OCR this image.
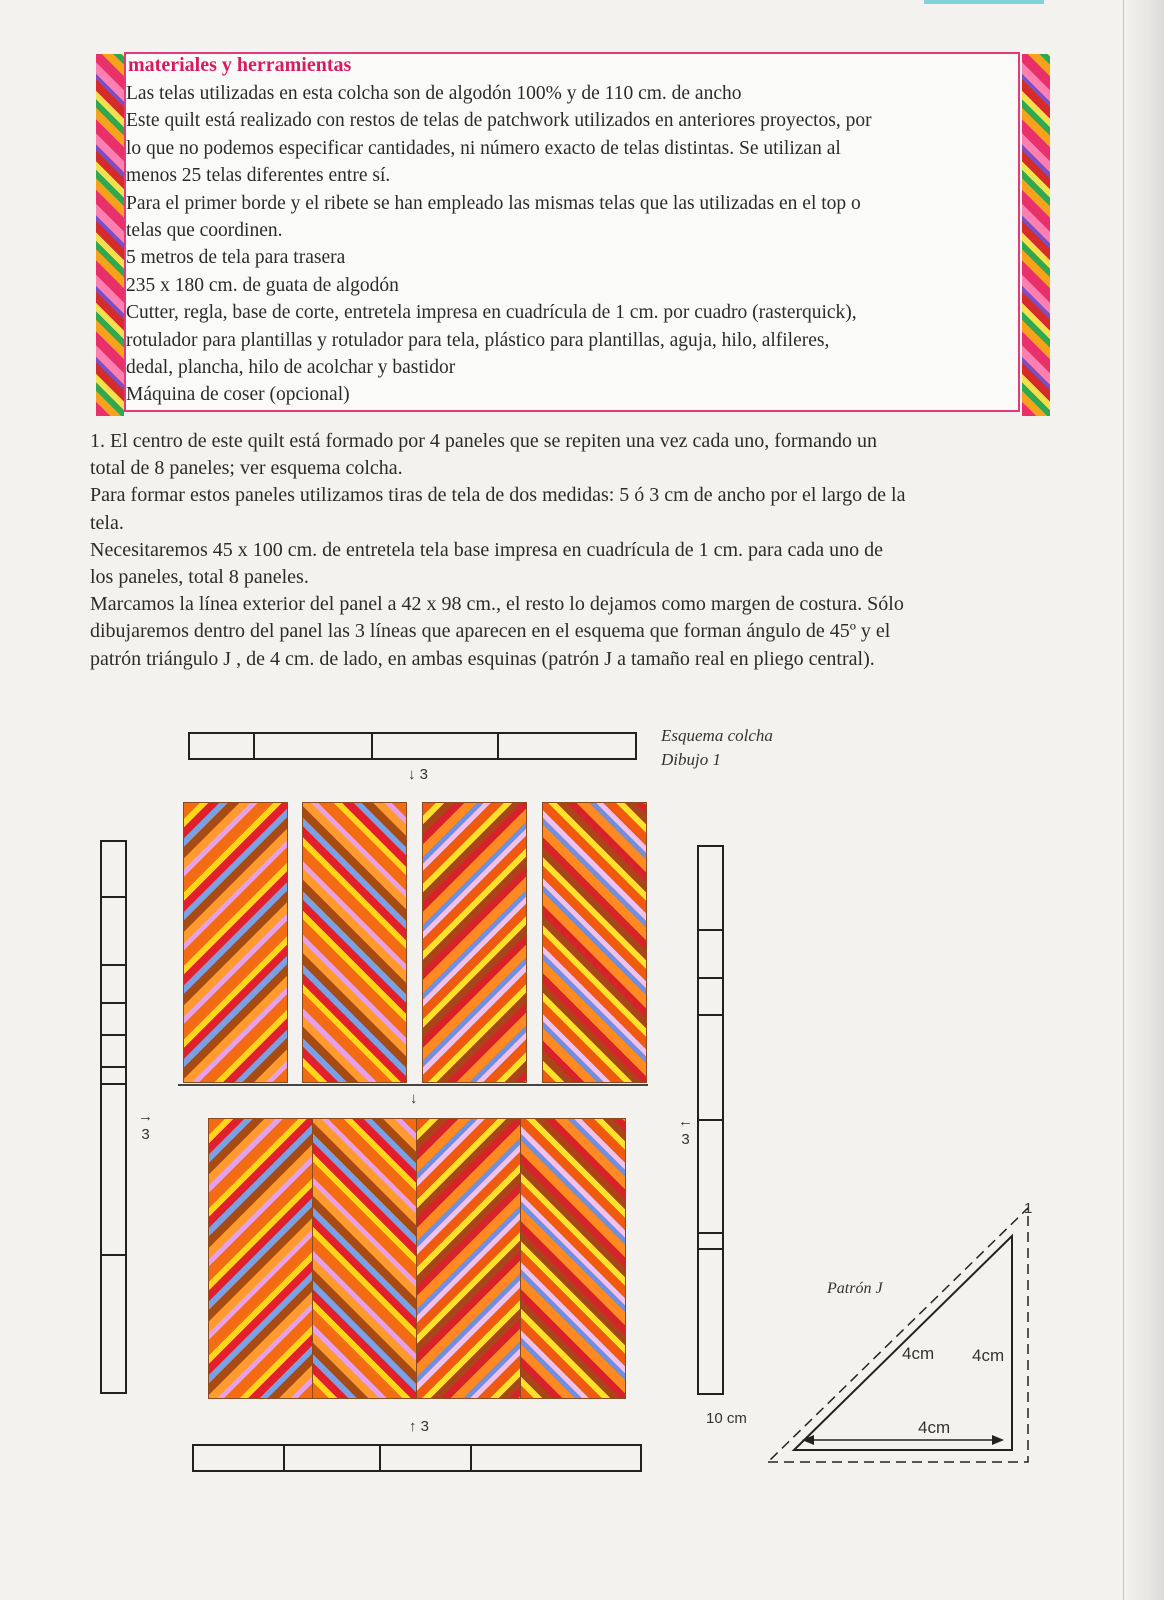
materiales y herramientas
Las telas utilizadas en esta colcha son de algodón 100% y de 110 cm. de ancho
Este quilt está realizado con restos de telas de patchwork utilizados en anteriores proyectos, por
lo que no podemos especificar cantidades, ni número exacto de telas distintas. Se utilizan al
menos 25 telas diferentes entre sí.
Para el primer borde y el ribete se han empleado las mismas telas que las utilizadas en el top o
telas que coordinen.
5 metros de tela para trasera
235 x 180 cm. de guata de algodón
Cutter, regla, base de corte, entretela impresa en cuadrícula de 1 cm. por cuadro (rasterquick),
rotulador para plantillas y rotulador para tela, plástico para plantillas, aguja, hilo, alfileres,
dedal, plancha, hilo de acolchar y bastidor
Máquina de coser (opcional)
1. El centro de este quilt está formado por 4 paneles que se repiten una vez cada uno, formando un
total de 8 paneles; ver esquema colcha.
Para formar estos paneles utilizamos tiras de tela de dos medidas: 5 ó 3 cm de ancho por el largo de la
tela.
Necesitaremos 45 x 100 cm. de entretela tela base impresa en cuadrícula de 1 cm. para cada uno de
los paneles, total 8 paneles.
Marcamos la línea exterior del panel a 42 x 98 cm., el resto lo dejamos como margen de costura. Sólo
dibujaremos dentro del panel las 3 líneas que aparecen en el esquema que forman ángulo de 45º y el
patrón triángulo J , de 4 cm. de lado, en ambas esquinas (patrón J a tamaño real en pliego central).
Esquema colcha
Dibujo 1
↓ 3
↓
→
3
←
3
10 cm
↑ 3
Patrón J
1
4cm 4cm
4cm
